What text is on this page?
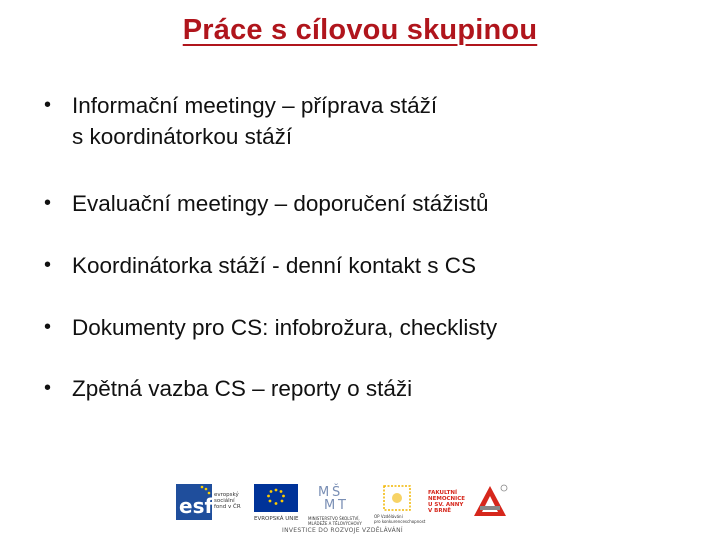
Práce s cílovou skupinou
• Informační meetingy – příprava stáží
s koordinátorkou stáží
• Evaluační meetingy – doporučení stážistů
• Koordinátorka stáží - denní kontakt s CS
• Dokumenty pro CS: infobrožura, checklisty
• Zpětná vazba CS – reporty o stáži
esf evropský
sociální
fond v ČR
EVROPSKÁ UNIE
M Š
M T
MINISTERSTVO ŠKOLSTVÍ,
MLÁDEŽE A TĚLOVÝCHOVY
OP Vzdělávání
pro konkurenceschopnost
FAKULTNÍ
NEMOCNICE
U SV. ANNY
V BRNĚ
INVESTICE DO ROZVOJE VZDĚLÁVÁNÍ
